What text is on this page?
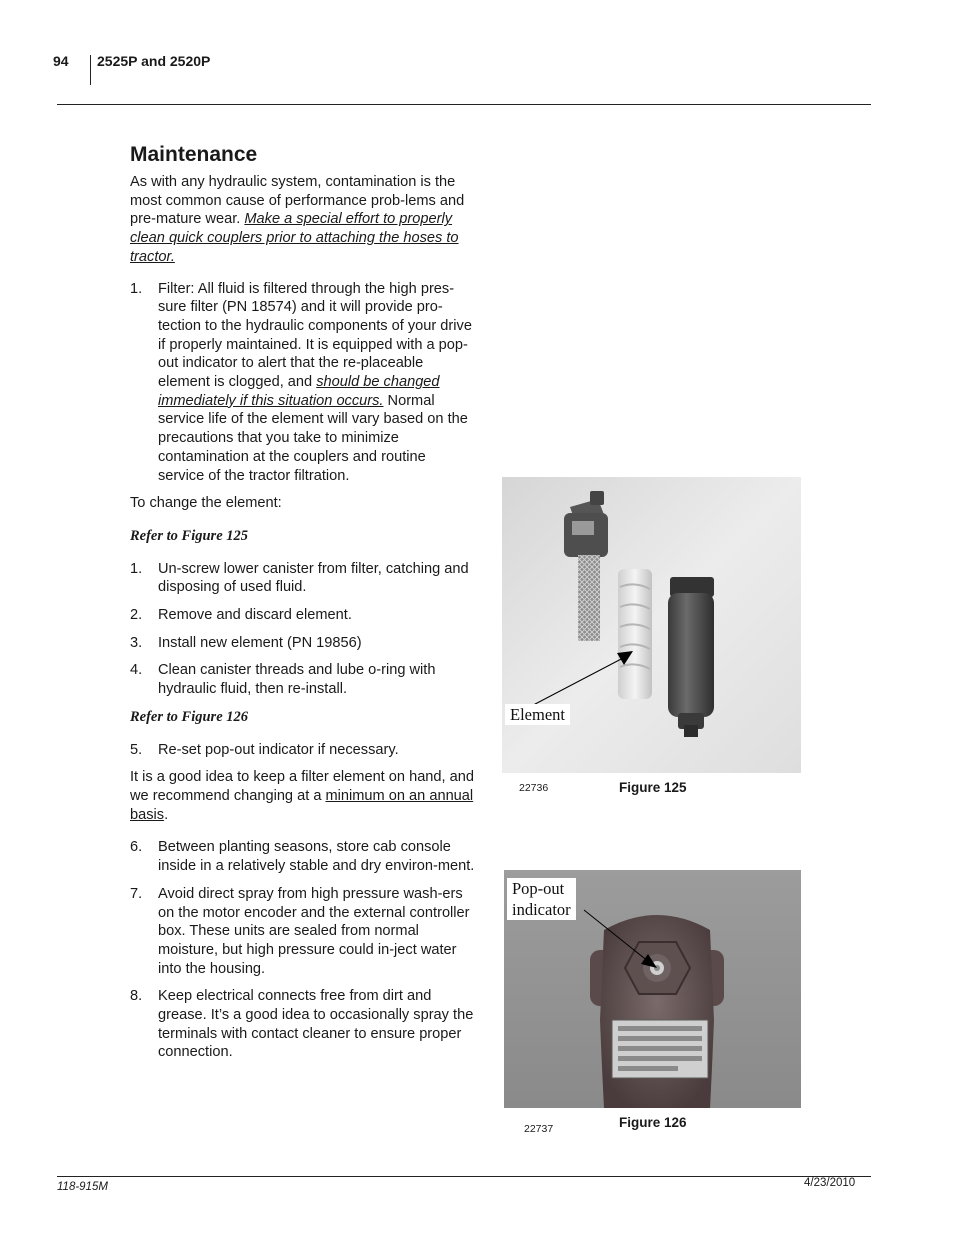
94 2525P and 2520P
Maintenance

As with any hydraulic system, contamination is the most common cause of performance prob-lems and pre-mature wear. Make a special effort to properly clean quick couplers prior to attaching the hoses to tractor.

1. Filter: All fluid is filtered through the high pres-sure filter (PN 18574) and it will provide pro-tection to the hydraulic components of your drive if properly maintained. It is equipped with a pop-out indicator to alert that the re-placeable element is clogged, and should be changed immediately if this situation occurs. Normal service life of the element will vary based on the precautions that you take to minimize contamination at the couplers and routine service of the tractor filtration.

To change the element:

Refer to Figure 125

1. Un-screw lower canister from filter, catching and disposing of used fluid.
2. Remove and discard element.
3. Install new element (PN 19856)
4. Clean canister threads and lube o-ring with hydraulic fluid, then re-install.

Refer to Figure 126

5. Re-set pop-out indicator if necessary.

It is a good idea to keep a filter element on hand, and we recommend changing at a minimum on an annual basis.

6. Between planting seasons, store cab console inside in a relatively stable and dry environ-ment.
7. Avoid direct spray from high pressure wash-ers on the motor encoder and the external controller box. These units are sealed from normal moisture, but high pressure could in-ject water into the housing.
8. Keep electrical connects free from dirt and grease. It’s a good idea to occasionally spray the terminals with contact cleaner to ensure proper connection.
Element
22736	Figure 125
Pop-out
indicator
22737	Figure 126
118-915M	4/23/2010
